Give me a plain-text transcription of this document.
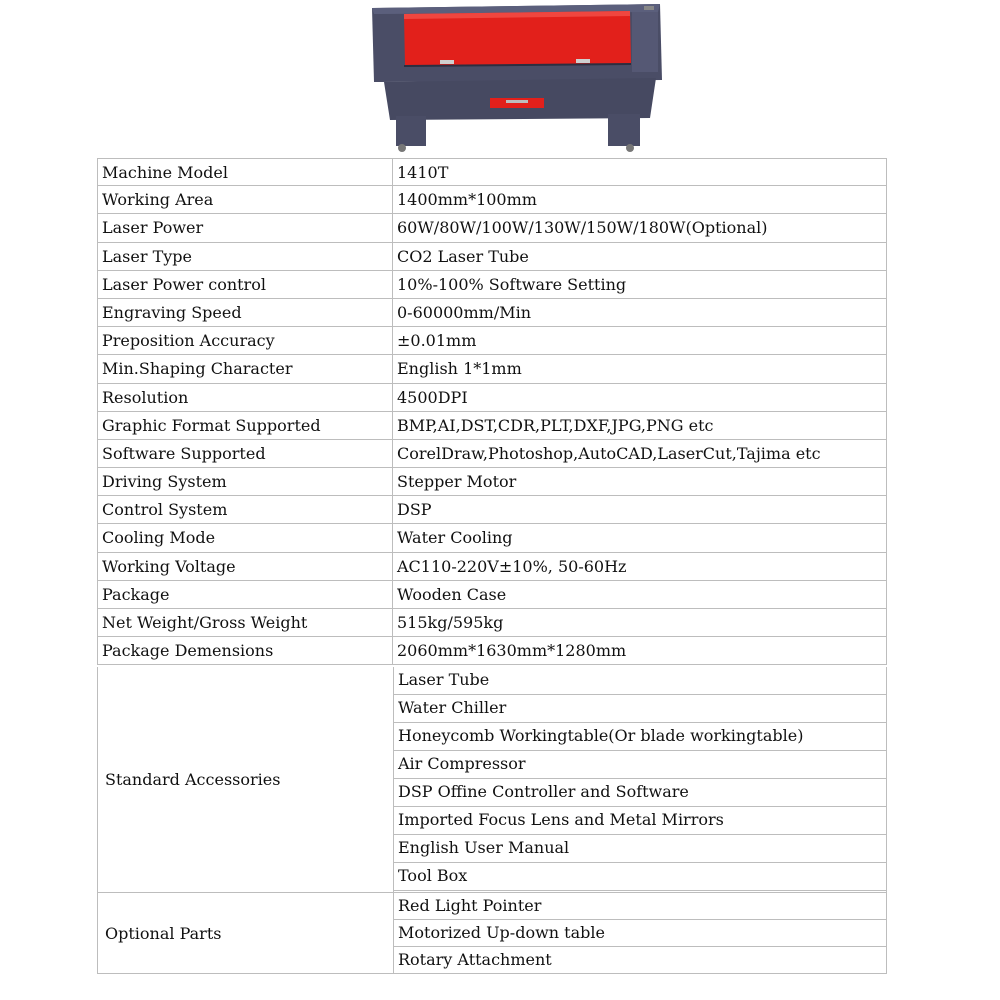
Machine Model	1410T
Working Area	1400mm*100mm
Laser Power	60W/80W/100W/130W/150W/180W(Optional)
Laser Type	CO2 Laser Tube
Laser Power control	10%-100% Software Setting
Engraving Speed	0-60000mm/Min
Preposition Accuracy	±0.01mm
Min.Shaping Character	English 1*1mm
Resolution	4500DPI
Graphic Format Supported	BMP,AI,DST,CDR,PLT,DXF,JPG,PNG etc
Software Supported	CorelDraw,Photoshop,AutoCAD,LaserCut,Tajima etc
Driving System	Stepper Motor
Control System	DSP
Cooling Mode	Water Cooling
Working Voltage	AC110-220V±10%, 50-60Hz
Package	Wooden Case
Net Weight/Gross Weight	515kg/595kg
Package Demensions	2060mm*1630mm*1280mm
Standard Accessories
Laser Tube
Water Chiller
Honeycomb Workingtable(Or blade workingtable)
Air Compressor
DSP Offine Controller and Software
Imported Focus Lens and Metal Mirrors
English User Manual
Tool Box
Optional Parts
Red Light Pointer
Motorized Up-down table
Rotary Attachment
